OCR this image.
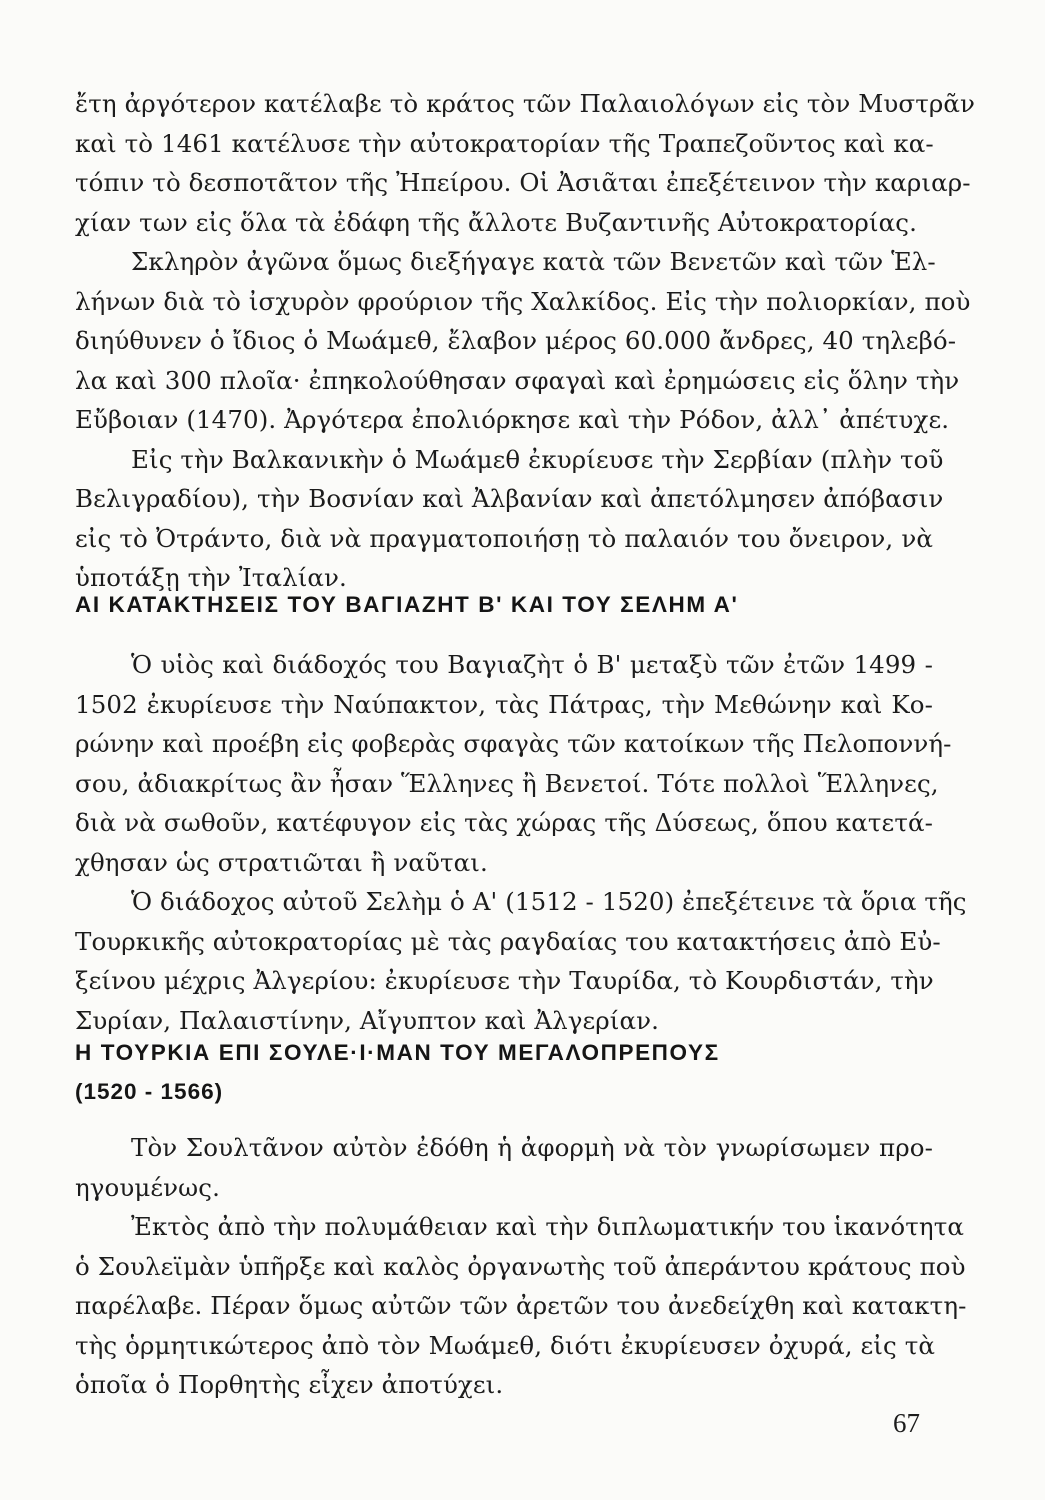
ἔτη ἀργότερον κατέλαβε τὸ κράτος τῶν Παλαιολόγων εἰς τὸν Μυστρᾶν
καὶ τὸ 1461 κατέλυσε τὴν αὐτοκρατορίαν τῆς Τραπεζοῦντος καὶ κα-
τόπιν τὸ δεσποτᾶτον τῆς Ἠπείρου. Οἱ Ἀσιᾶται ἐπεξέτεινον τὴν καριαρ-
χίαν των εἰς ὅλα τὰ ἐδάφη τῆς ἄλλοτε Βυζαντινῆς Αὐτοκρατορίας.
Σκληρὸν ἀγῶνα ὅμως διεξήγαγε κατὰ τῶν Βενετῶν καὶ τῶν Ἑλ-
λήνων διὰ τὸ ἰσχυρὸν φρούριον τῆς Χαλκίδος. Εἰς τὴν πολιορκίαν, ποὺ
διηύθυνεν ὁ ἴδιος ὁ Μωάμεθ, ἔλαβον μέρος 60.000 ἄνδρες, 40 τηλεβό-
λα καὶ 300 πλοῖα· ἐπηκολούθησαν σφαγαὶ καὶ ἐρημώσεις εἰς ὅλην τὴν
Εὔβοιαν (1470). Ἀργότερα ἐπολιόρκησε καὶ τὴν Ρόδον, ἀλλ᾽ ἀπέτυχε.
Εἰς τὴν Βαλκανικὴν ὁ Μωάμεθ ἐκυρίευσε τὴν Σερβίαν (πλὴν τοῦ
Βελιγραδίου), τὴν Βοσνίαν καὶ Ἀλβανίαν καὶ ἀπετόλμησεν ἀπόβασιν
εἰς τὸ Ὀτράντο, διὰ νὰ πραγματοποιήσῃ τὸ παλαιόν του ὄνειρον, νὰ
ὑποτάξῃ τὴν Ἰταλίαν.
ΑΙ ΚΑΤΑΚΤΗΣΕΙΣ ΤΟΥ ΒΑΓΙΑΖΗΤ Β' ΚΑΙ ΤΟΥ ΣΕΛΗΜ Α'
Ὁ υἱὸς καὶ διάδοχός του Βαγιαζὴτ ὁ Β' μεταξὺ τῶν ἐτῶν 1499 -
1502 ἐκυρίευσε τὴν Ναύπακτον, τὰς Πάτρας, τὴν Μεθώνην καὶ Κο-
ρώνην καὶ προέβη εἰς φοβερὰς σφαγὰς τῶν κατοίκων τῆς Πελοποννή-
σου, ἀδιακρίτως ἂν ἦσαν Ἕλληνες ἢ Βενετοί. Τότε πολλοὶ Ἕλληνες,
διὰ νὰ σωθοῦν, κατέφυγον εἰς τὰς χώρας τῆς Δύσεως, ὅπου κατετά-
χθησαν ὡς στρατιῶται ἢ ναῦται.
Ὁ διάδοχος αὐτοῦ Σελὴμ ὁ Α' (1512 - 1520) ἐπεξέτεινε τὰ ὅρια τῆς
Τουρκικῆς αὐτοκρατορίας μὲ τὰς ραγδαίας του κατακτήσεις ἀπὸ Εὐ-
ξείνου μέχρις Ἀλγερίου: ἐκυρίευσε τὴν Ταυρίδα, τὸ Κουρδιστάν, τὴν
Συρίαν, Παλαιστίνην, Αἴγυπτον καὶ Ἀλγερίαν.
Η ΤΟΥΡΚΙΑ ΕΠΙ ΣΟΥΛΕ·Ι·ΜΑΝ ΤΟΥ ΜΕΓΑΛΟΠΡΕΠΟΥΣ
(1520 - 1566)
Τὸν Σουλτᾶνον αὐτὸν ἐδόθη ἡ ἀφορμὴ νὰ τὸν γνωρίσωμεν προ-
ηγουμένως.
Ἐκτὸς ἀπὸ τὴν πολυμάθειαν καὶ τὴν διπλωματικήν του ἱκανότητα
ὁ Σουλεϊμὰν ὑπῆρξε καὶ καλὸς ὀργανωτὴς τοῦ ἀπεράντου κράτους ποὺ
παρέλαβε. Πέραν ὅμως αὐτῶν τῶν ἀρετῶν του ἀνεδείχθη καὶ κατακτη-
τὴς ὁρμητικώτερος ἀπὸ τὸν Μωάμεθ, διότι ἐκυρίευσεν ὀχυρά, εἰς τὰ
ὁποῖα ὁ Πορθητὴς εἶχεν ἀποτύχει.
67
